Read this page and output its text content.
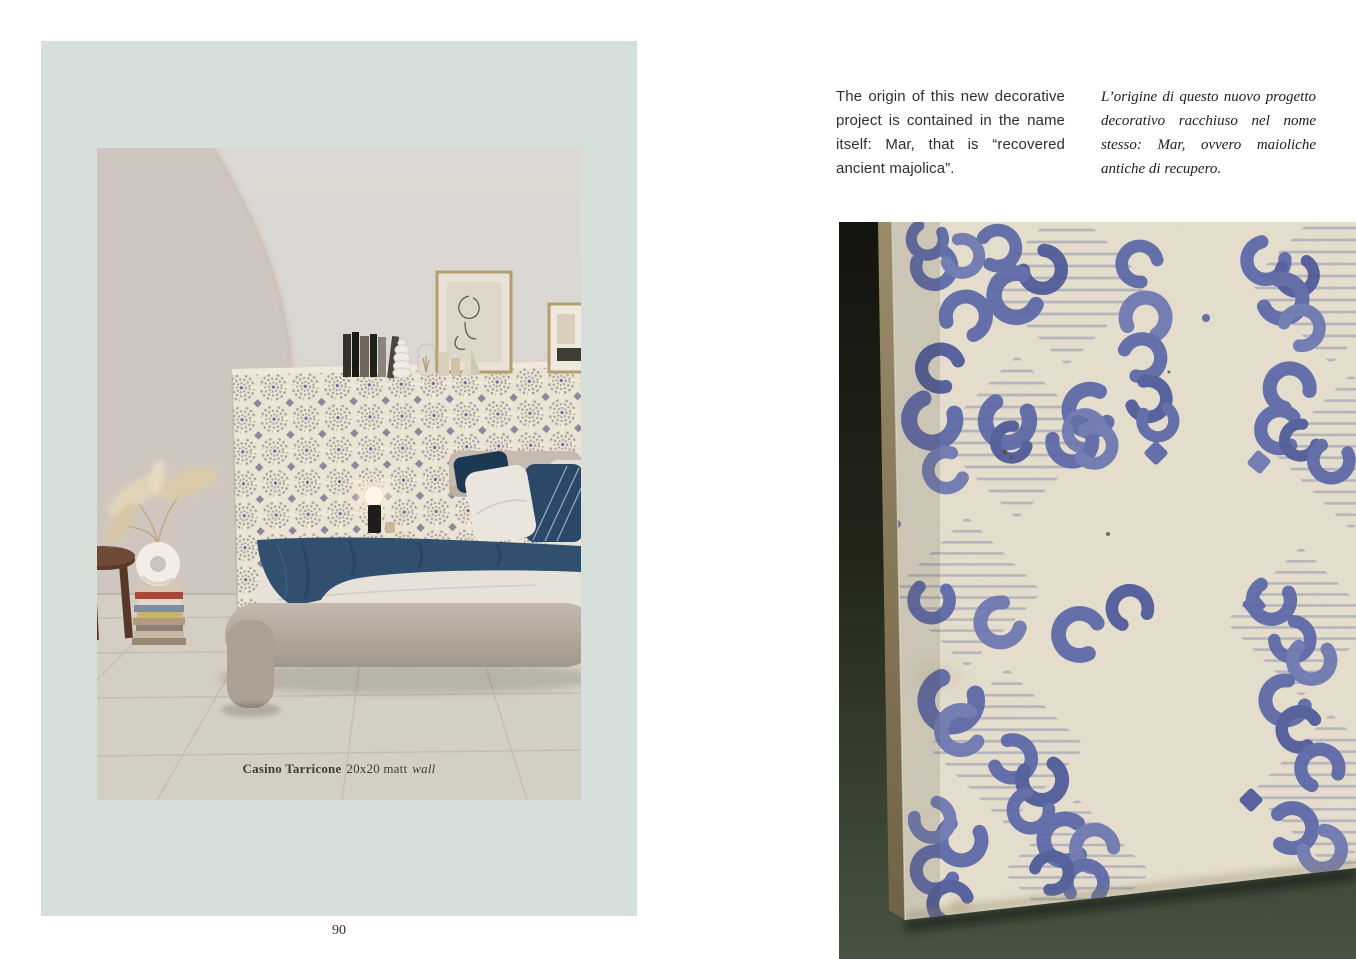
Casino Tarricone 20x20 matt wall
90
The origin of this new decorative project is contained in the name itself: Mar, that is “recovered ancient majolica”.
L’origine di questo nuovo progetto decorativo racchiuso nel nome stesso: Mar, ovvero maioliche antiche di recupero.
